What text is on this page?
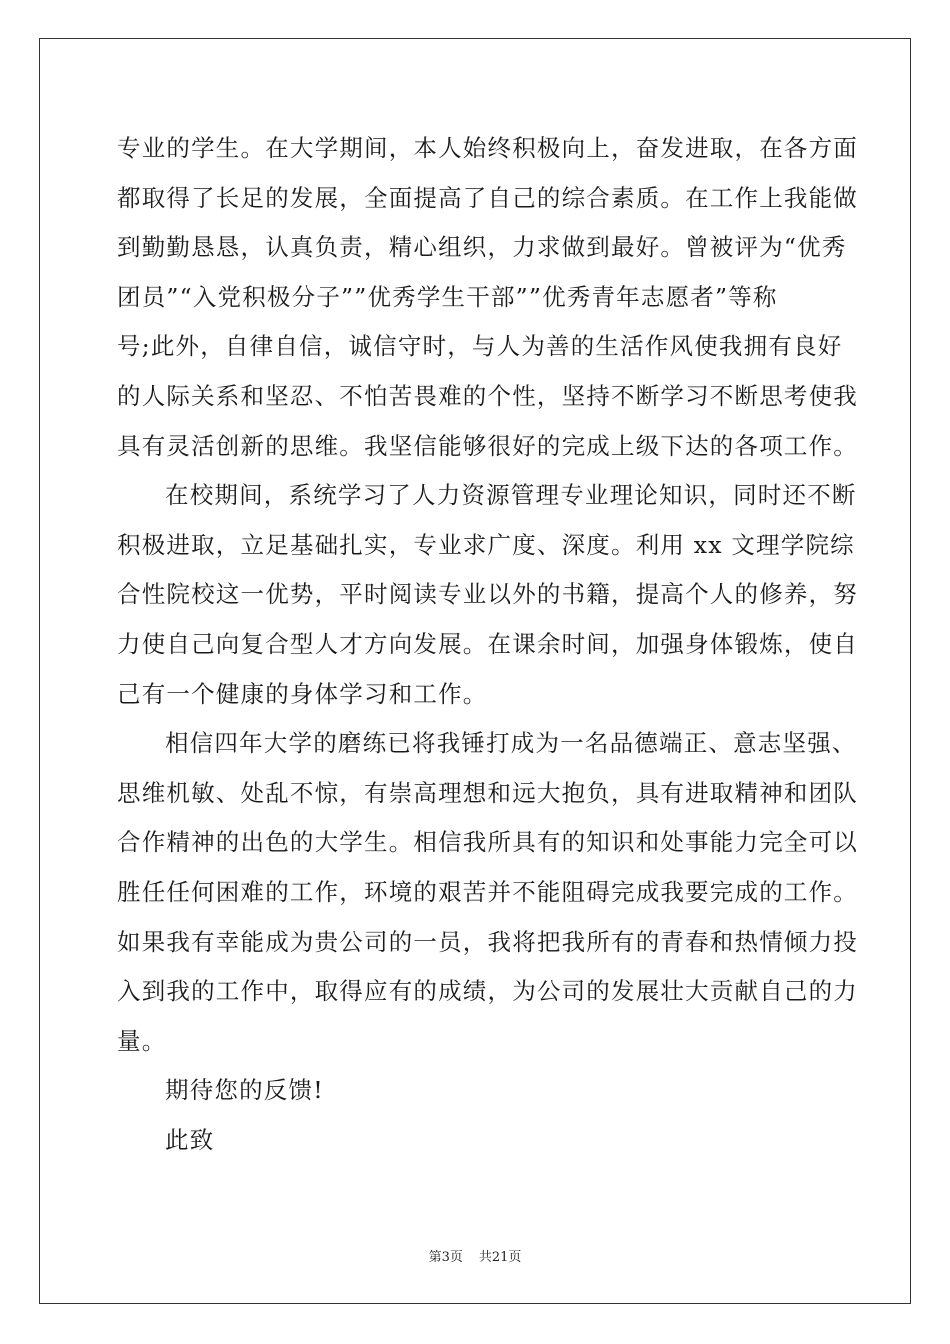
专业的学生。在大学期间，本人始终积极向上，奋发进取，在各方面
都取得了长足的发展，全面提高了自己的综合素质。在工作上我能做
到勤勤恳恳，认真负责，精心组织，力求做到最好。曾被评为“优秀
团员”“入党积极分子””优秀学生干部””优秀青年志愿者”等称
号;此外，自律自信，诚信守时，与人为善的生活作风使我拥有良好
的人际关系和坚忍、不怕苦畏难的个性，坚持不断学习不断思考使我
具有灵活创新的思维。我坚信能够很好的完成上级下达的各项工作。
在校期间，系统学习了人力资源管理专业理论知识，同时还不断
积极进取，立足基础扎实，专业求广度、深度。利用 xx 文理学院综
合性院校这一优势，平时阅读专业以外的书籍，提高个人的修养，努
力使自己向复合型人才方向发展。在课余时间，加强身体锻炼，使自
己有一个健康的身体学习和工作。
相信四年大学的磨练已将我锤打成为一名品德端正、意志坚强、
思维机敏、处乱不惊，有崇高理想和远大抱负，具有进取精神和团队
合作精神的出色的大学生。相信我所具有的知识和处事能力完全可以
胜任任何困难的工作，环境的艰苦并不能阻碍完成我要完成的工作。
如果我有幸能成为贵公司的一员，我将把我所有的青春和热情倾力投
入到我的工作中，取得应有的成绩，为公司的发展壮大贡献自己的力
量。
期待您的反馈!
此致
第3页 共21页
